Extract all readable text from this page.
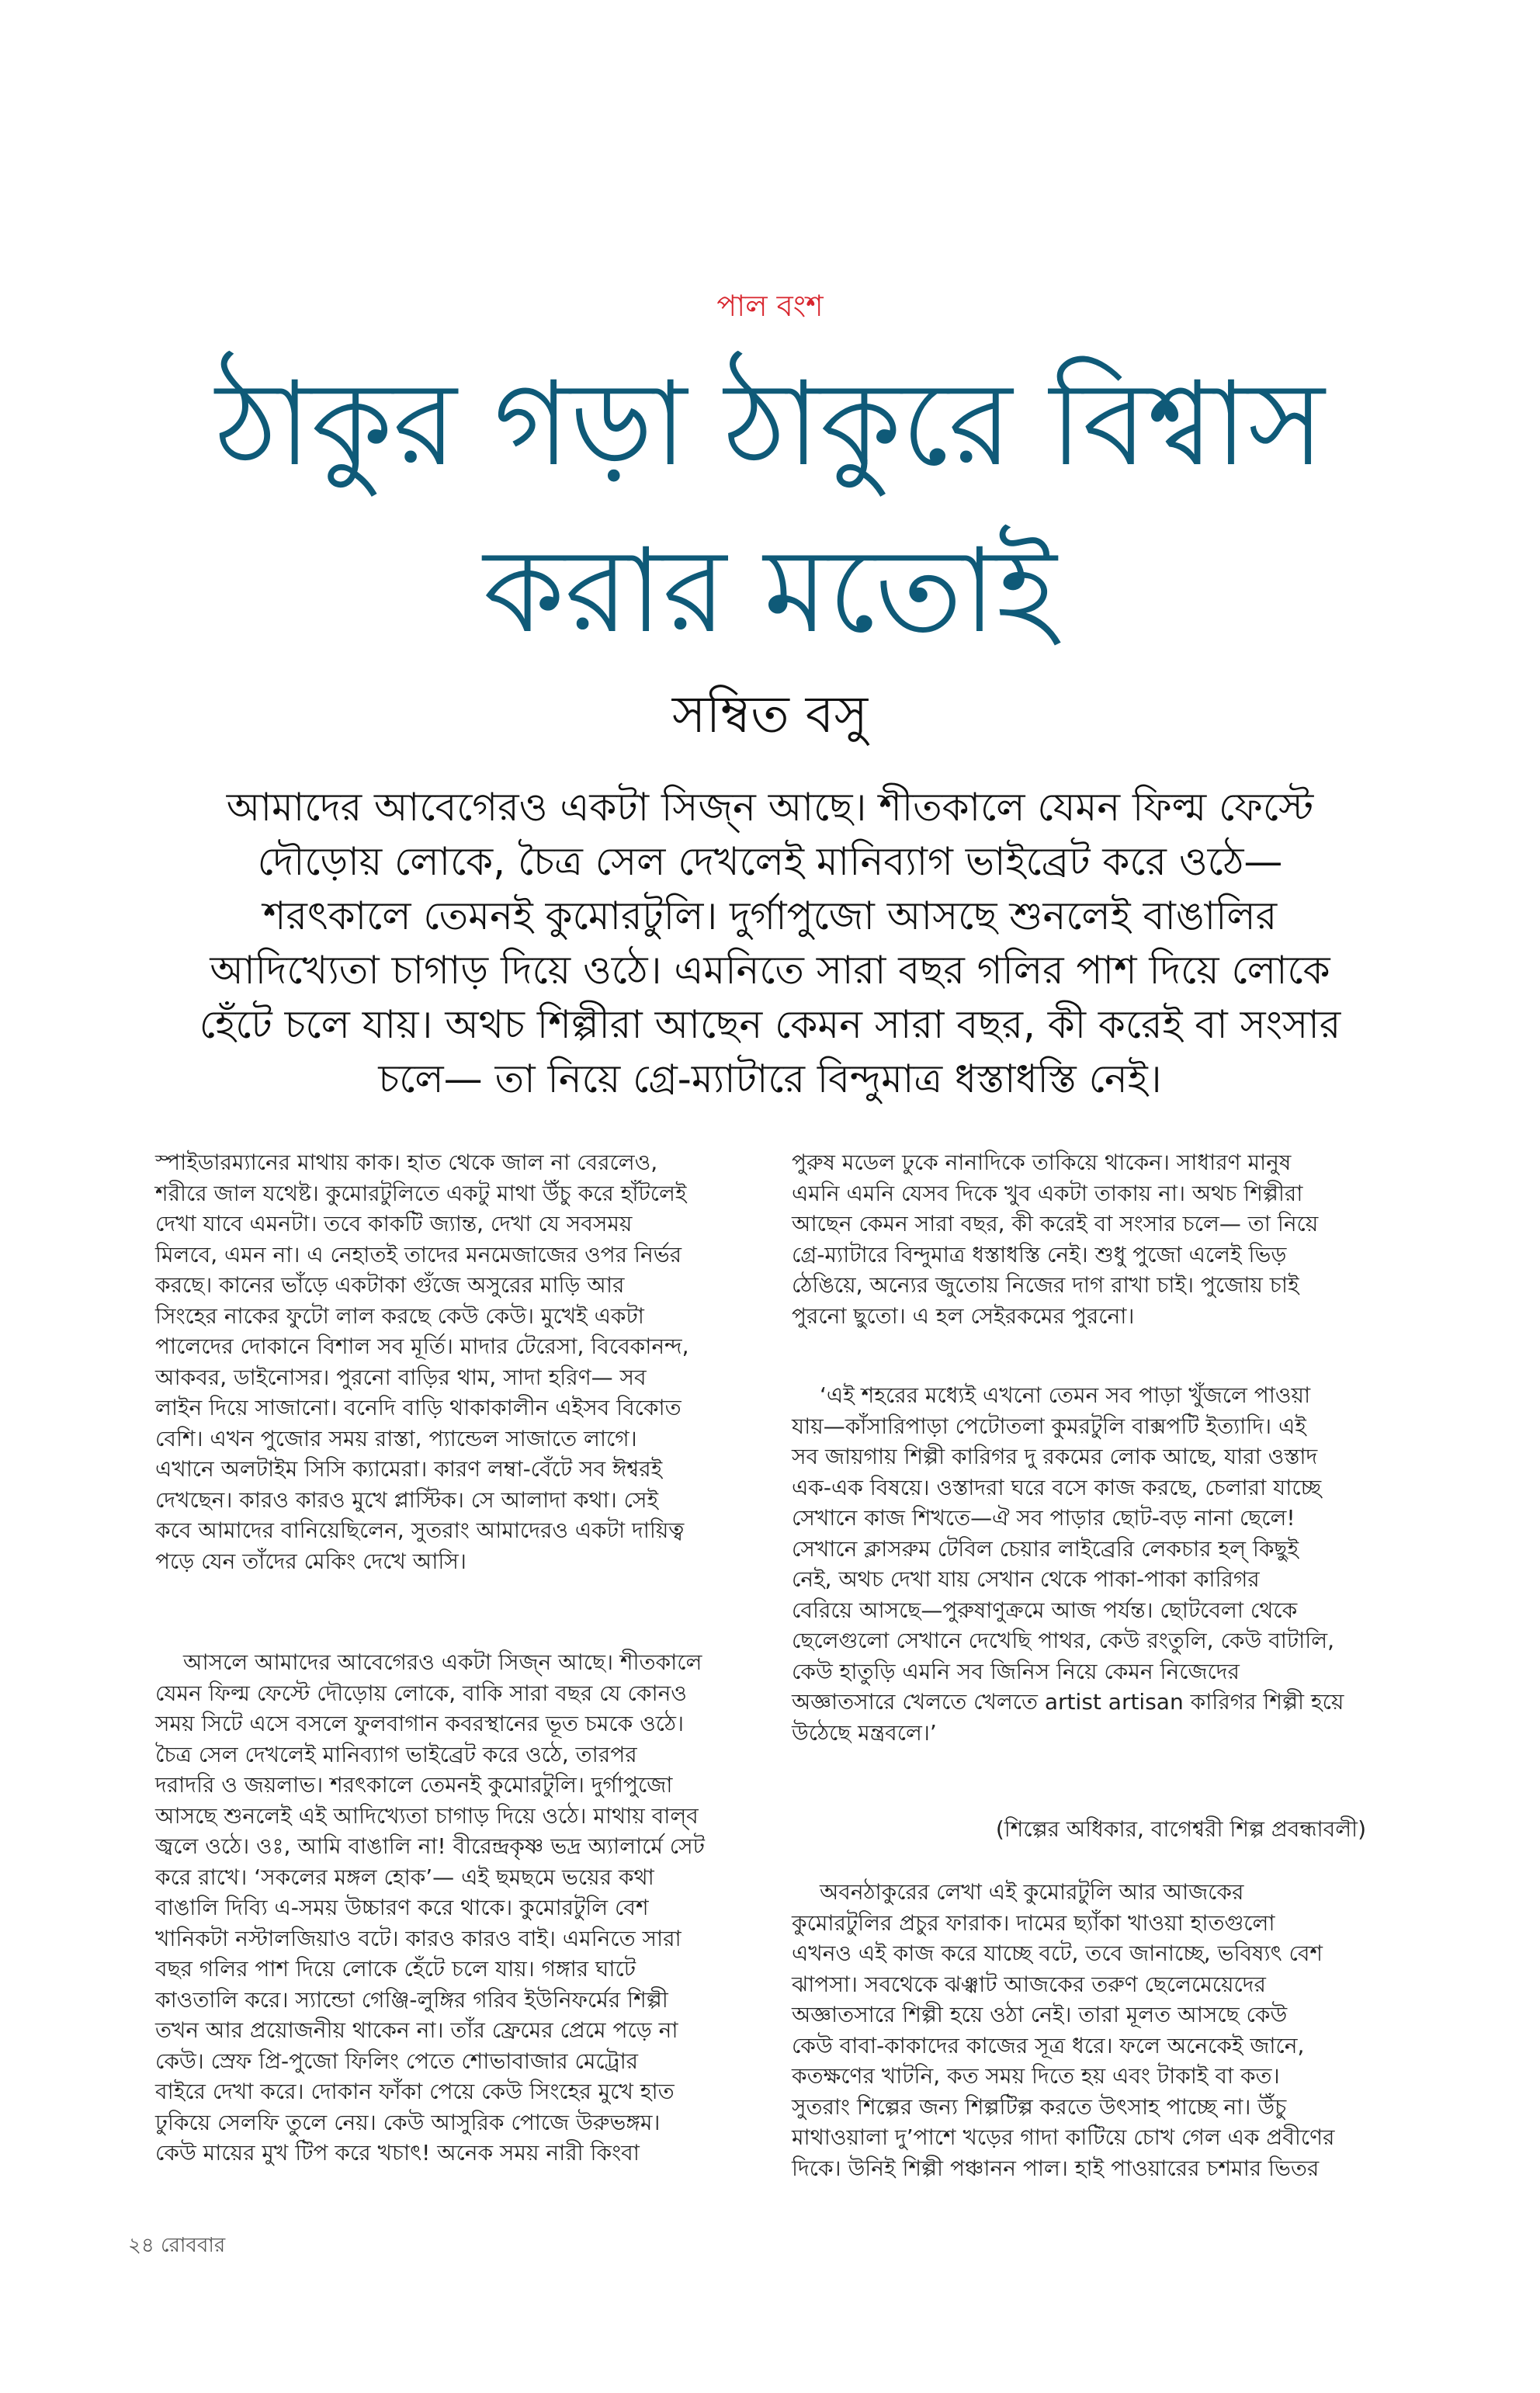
পাল বংশ
ঠাকুর গড়া ঠাকুরে বিশ্বাস
করার মতোই
সম্বিত বসু
আমাদের আবেগেরও একটা সিজ্‌ন আছে। শীতকালে যেমন ফিল্ম ফেস্টে
দৌড়োয় লোকে, চৈত্র সেল দেখলেই মানিব্যাগ ভাইব্রেট করে ওঠে—
শরৎকালে তেমনই কুমোরটুলি। দুর্গাপুজো আসছে শুনলেই বাঙালির
আদিখ্যেতা চাগাড় দিয়ে ওঠে। এমনিতে সারা বছর গলির পাশ দিয়ে লোকে
হেঁটে চলে যায়। অথচ শিল্পীরা আছেন কেমন সারা বছর, কী করেই বা সংসার
চলে— তা নিয়ে গ্রে-ম্যাটারে বিন্দুমাত্র ধস্তাধস্তি নেই।
স্পাইডারম্যানের মাথায় কাক। হাত থেকে জাল না বেরলেও,
শরীরে জাল যথেষ্ট। কুমোরটুলিতে একটু মাথা উঁচু করে হাঁটলেই
দেখা যাবে এমনটা। তবে কাকটি জ্যান্ত, দেখা যে সবসময়
মিলবে, এমন না। এ নেহাতই তাদের মনমেজাজের ওপর নির্ভর
করছে। কানের ভাঁড়ে একটাকা গুঁজে অসুরের মাড়ি আর
সিংহের নাকের ফুটো লাল করছে কেউ কেউ। মুখেই একটা
পালেদের দোকানে বিশাল সব মূর্তি। মাদার টেরেসা, বিবেকানন্দ,
আকবর, ডাইনোসর। পুরনো বাড়ির থাম, সাদা হরিণ— সব
লাইন দিয়ে সাজানো। বনেদি বাড়ি থাকাকালীন এইসব বিকোত
বেশি। এখন পুজোর সময় রাস্তা, প্যান্ডেল সাজাতে লাগে।
এখানে অলটাইম সিসি ক্যামেরা। কারণ লম্বা-বেঁটে সব ঈশ্বরই
দেখছেন। কারও কারও মুখে প্লাস্টিক। সে আলাদা কথা। সেই
কবে আমাদের বানিয়েছিলেন, সুতরাং আমাদেরও একটা দায়িত্ব
পড়ে যেন তাঁদের মেকিং দেখে আসি।
আসলে আমাদের আবেগেরও একটা সিজ্‌ন আছে। শীতকালে
যেমন ফিল্ম ফেস্টে দৌড়োয় লোকে, বাকি সারা বছর যে কোনও
সময় সিটে এসে বসলে ফুলবাগান কবরস্থানের ভূত চমকে ওঠে।
চৈত্র সেল দেখলেই মানিব্যাগ ভাইব্রেট করে ওঠে, তারপর
দরাদরি ও জয়লাভ। শরৎকালে তেমনই কুমোরটুলি। দুর্গাপুজো
আসছে শুনলেই এই আদিখ্যেতা চাগাড় দিয়ে ওঠে। মাথায় বাল্‌ব
জ্বলে ওঠে। ওঃ, আমি বাঙালি না! বীরেন্দ্রকৃষ্ণ ভদ্র অ্যালার্মে সেট
করে রাখে। ‘সকলের মঙ্গল হোক’— এই ছমছমে ভয়ের কথা
বাঙালি দিব্যি এ-সময় উচ্চারণ করে থাকে। কুমোরটুলি বেশ
খানিকটা নস্টালজিয়াও বটে। কারও কারও বাই। এমনিতে সারা
বছর গলির পাশ দিয়ে লোকে হেঁটে চলে যায়। গঙ্গার ঘাটে
কাওতালি করে। স্যান্ডো গেঞ্জি-লুঙ্গির গরিব ইউনিফর্মের শিল্পী
তখন আর প্রয়োজনীয় থাকেন না। তাঁর ফ্রেমের প্রেমে পড়ে না
কেউ। স্রেফ প্রি-পুজো ফিলিং পেতে শোভাবাজার মেট্রোর
বাইরে দেখা করে। দোকান ফাঁকা পেয়ে কেউ সিংহের মুখে হাত
ঢুকিয়ে সেলফি তুলে নেয়। কেউ আসুরিক পোজে উরুভঙ্গম।
কেউ মায়ের মুখ টিপ করে খচাৎ! অনেক সময় নারী কিংবা
পুরুষ মডেল ঢুকে নানাদিকে তাকিয়ে থাকেন। সাধারণ মানুষ
এমনি এমনি যেসব দিকে খুব একটা তাকায় না। অথচ শিল্পীরা
আছেন কেমন সারা বছর, কী করেই বা সংসার চলে— তা নিয়ে
গ্রে-ম্যাটারে বিন্দুমাত্র ধস্তাধস্তি নেই। শুধু পুজো এলেই ভিড়
ঠেঙিয়ে, অন্যের জুতোয় নিজের দাগ রাখা চাই। পুজোয় চাই
পুরনো ছুতো। এ হল সেইরকমের পুরনো।
‘এই শহরের মধ্যেই এখনো তেমন সব পাড়া খুঁজলে পাওয়া
যায়—কাঁসারিপাড়া পেটোতলা কুমরটুলি বাক্সপটি ইত্যাদি। এই
সব জায়গায় শিল্পী কারিগর দু রকমের লোক আছে, যারা ওস্তাদ
এক-এক বিষয়ে। ওস্তাদরা ঘরে বসে কাজ করছে, চেলারা যাচ্ছে
সেখানে কাজ শিখতে—ঐ সব পাড়ার ছোট-বড় নানা ছেলে!
সেখানে ক্লাসরুম টেবিল চেয়ার লাইব্রেরি লেকচার হল্‌ কিছুই
নেই, অথচ দেখা যায় সেখান থেকে পাকা-পাকা কারিগর
বেরিয়ে আসছে—পুরুষাণুক্রমে আজ পর্যন্ত। ছোটবেলা থেকে
ছেলেগুলো সেখানে দেখেছি পাথর, কেউ রংতুলি, কেউ বাটালি,
কেউ হাতুড়ি এমনি সব জিনিস নিয়ে কেমন নিজেদের
অজ্ঞাতসারে খেলতে খেলতে artist artisan কারিগর শিল্পী হয়ে
উঠেছে মন্ত্রবলে।’
(শিল্পের অধিকার, বাগেশ্বরী শিল্প প্রবন্ধাবলী)
অবনঠাকুরের লেখা এই কুমোরটুলি আর আজকের
কুমোরটুলির প্রচুর ফারাক। দামের ছ্যাঁকা খাওয়া হাতগুলো
এখনও এই কাজ করে যাচ্ছে বটে, তবে জানাচ্ছে, ভবিষ্যৎ বেশ
ঝাপসা। সবথেকে ঝঞ্ঝাট আজকের তরুণ ছেলেমেয়েদের
অজ্ঞাতসারে শিল্পী হয়ে ওঠা নেই। তারা মূলত আসছে কেউ
কেউ বাবা-কাকাদের কাজের সূত্র ধরে। ফলে অনেকেই জানে,
কতক্ষণের খাটনি, কত সময় দিতে হয় এবং টাকাই বা কত।
সুতরাং শিল্পের জন্য শিল্পটিল্প করতে উৎসাহ পাচ্ছে না। উঁচু
মাথাওয়ালা দু’পাশে খড়ের গাদা কাটিয়ে চোখ গেল এক প্রবীণের
দিকে। উনিই শিল্পী পঞ্চানন পাল। হাই পাওয়ারের চশমার ভিতর
২৪ রোববার
